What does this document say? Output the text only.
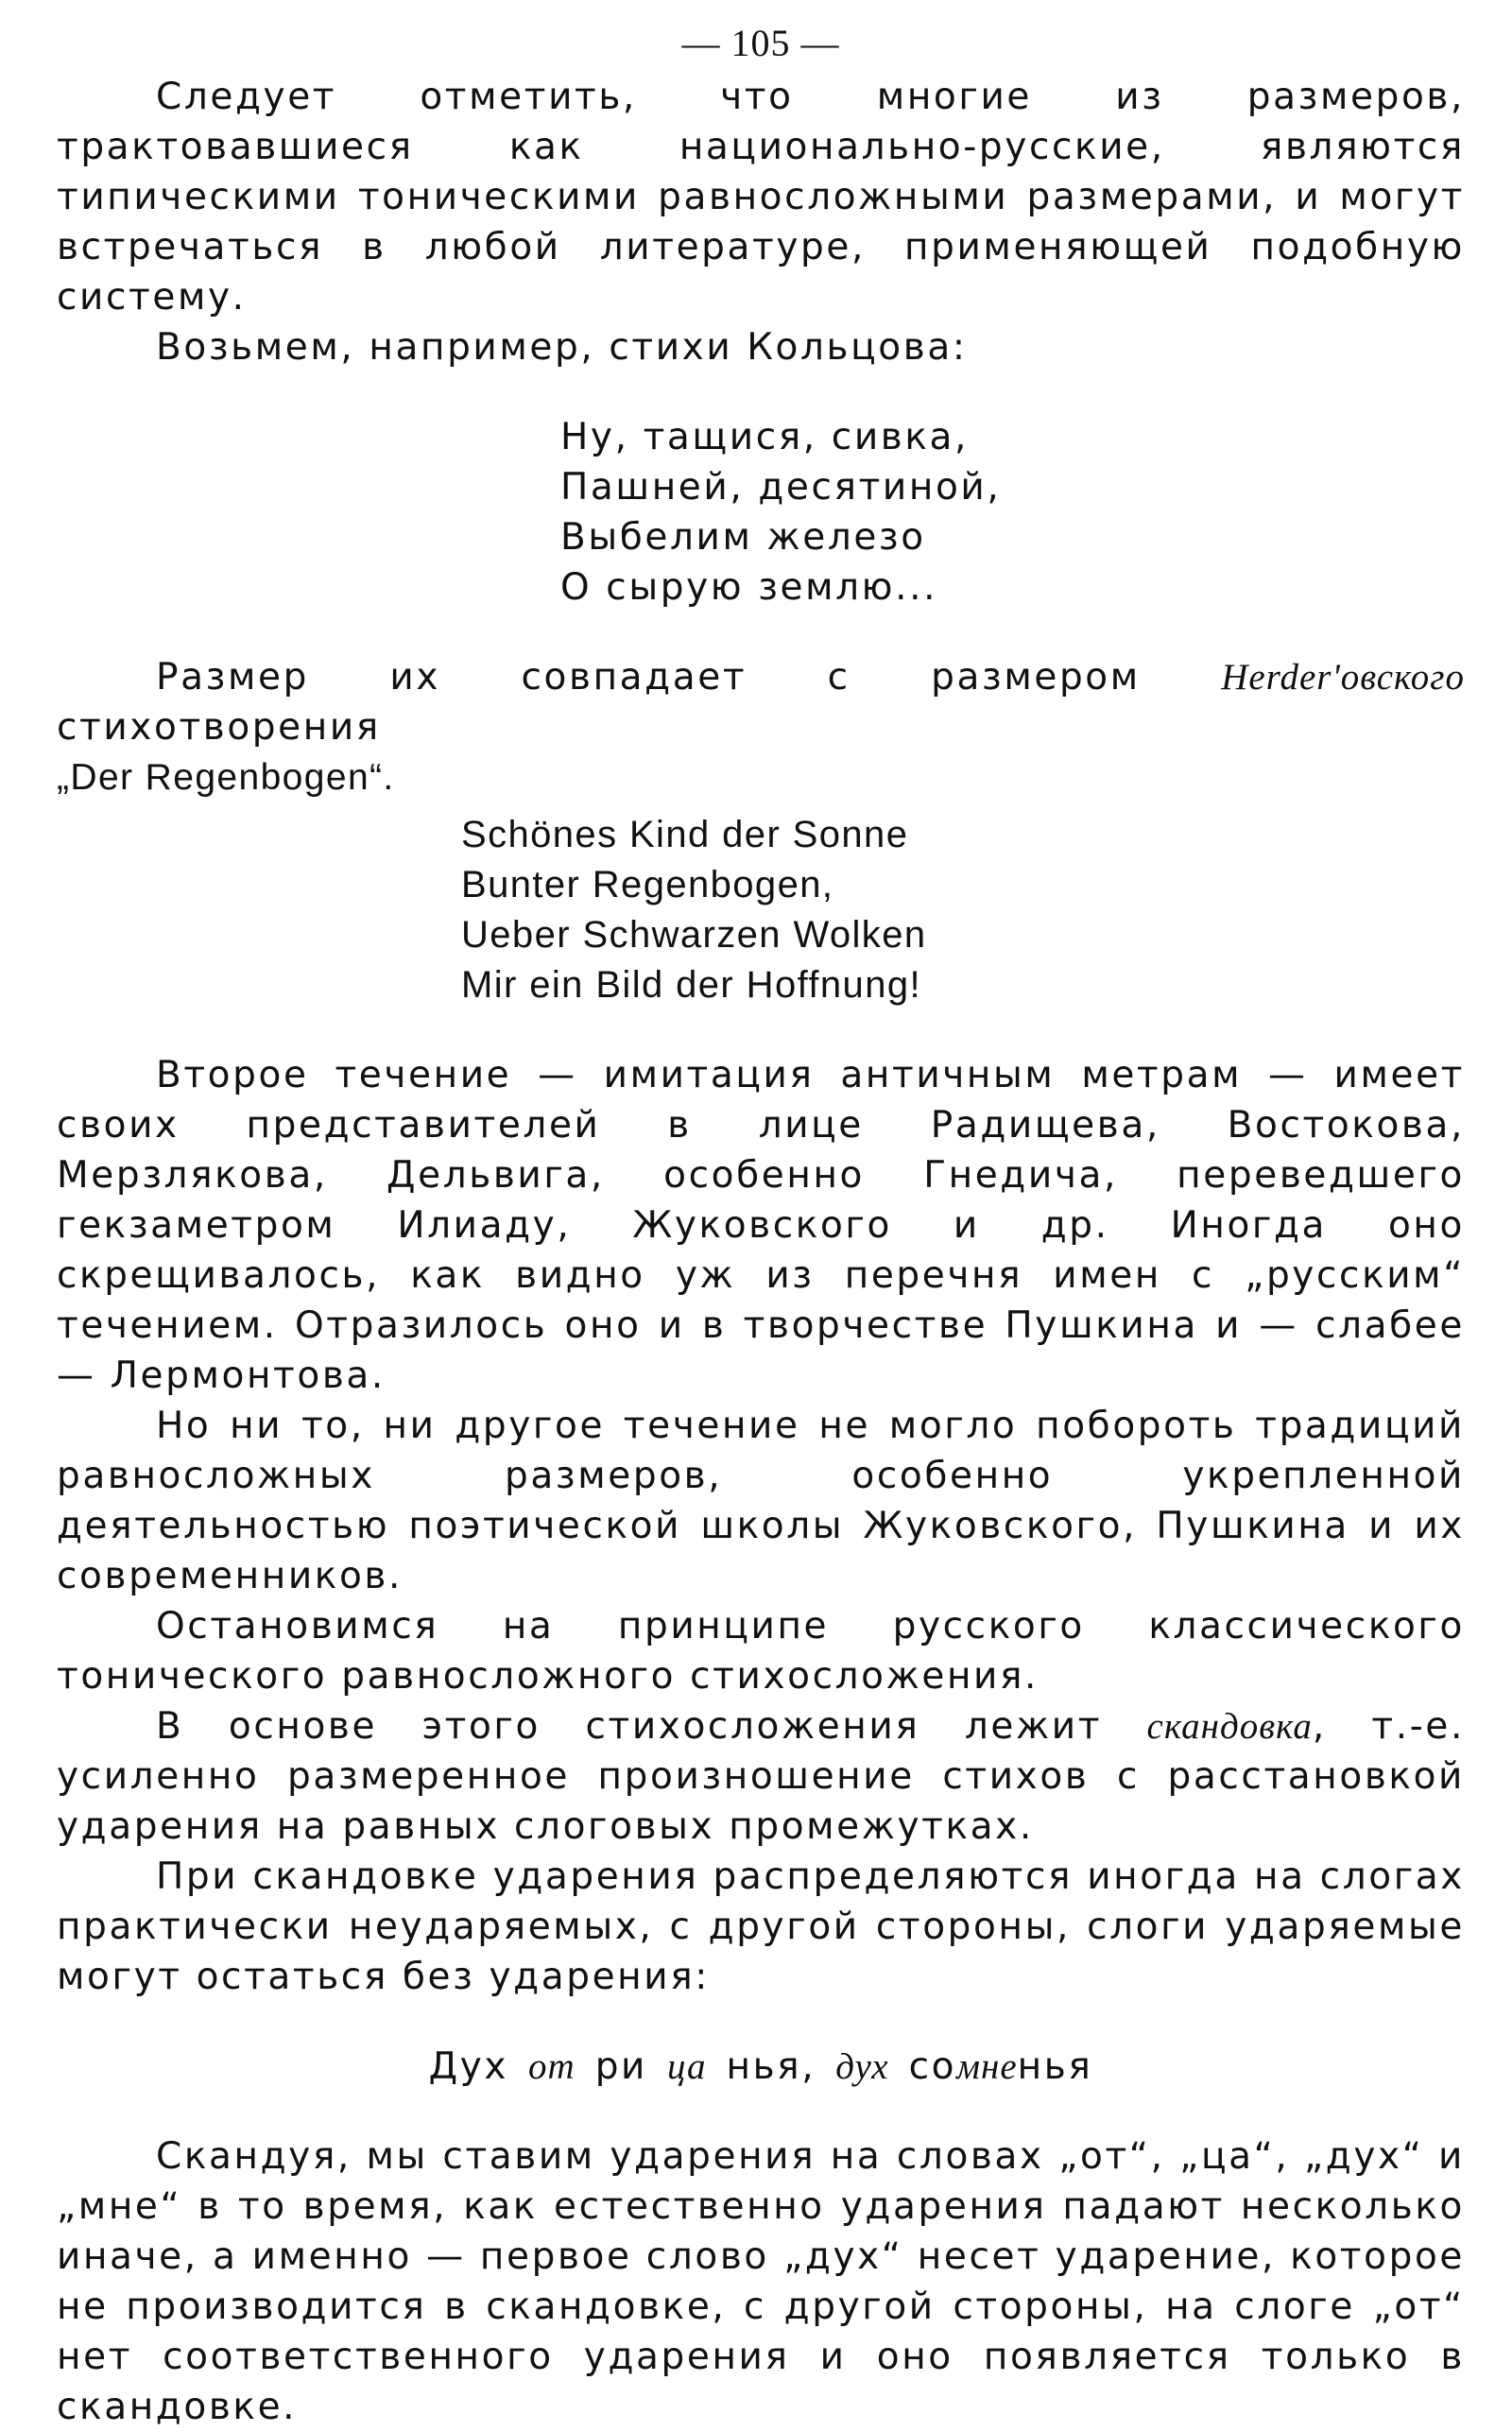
— 105 —

Следует отметить, что многие из размеров, трактовавшиеся как национально-русские, являются типическими тоническими равносложными размерами, и могут встречаться в любой литературе, применяющей подобную систему.

Возьмем, например, стихи Кольцова:

Ну, тащися, сивка,

Пашней, десятиной,

Выбелим железо

О сырую землю...

Размер их совпадает с размером Herder'овского стихотворения

„Der Regenbogen“.

Schönes Kind der Sonne

Bunter Regenbogen,

Ueber Schwarzen Wolken

Mir ein Bild der Hoffnung!

Второе течение — имитация античным метрам — имеет своих представителей в лице Радищева, Востокова, Мерзлякова, Дельвига, особенно Гнедича, переведшего гекзаметром Илиаду, Жуковского и др. Иногда оно скрещивалось, как видно уж из перечня имен с „русским“ течением. Отразилось оно и в творчестве Пушкина и — слабее — Лермонтова.

Но ни то, ни другое течение не могло побороть традиций равносложных размеров, особенно укрепленной деятельностью поэтической школы Жуковского, Пушкина и их современников.

Остановимся на принципе русского классического тонического равносложного стихосложения.

В основе этого стихосложения лежит скандовка, т.-е. усиленно размеренное произношение стихов с расстановкой ударения на равных слоговых промежутках.

При скандовке ударения распределяются иногда на слогах практически неударяемых, с другой стороны, слоги ударяемые могут остаться без ударения:

Дух от ри ца нья, дух сомненья

Скандуя, мы ставим ударения на словах „от“, „ца“, „дух“ и „мне“ в то время, как естественно ударения падают несколько иначе, а именно — первое слово „дух“ несет ударение, которое не производится в скандовке, с другой стороны, на слоге „от“ нет соответственного ударения и оно появляется только в скандовке.
